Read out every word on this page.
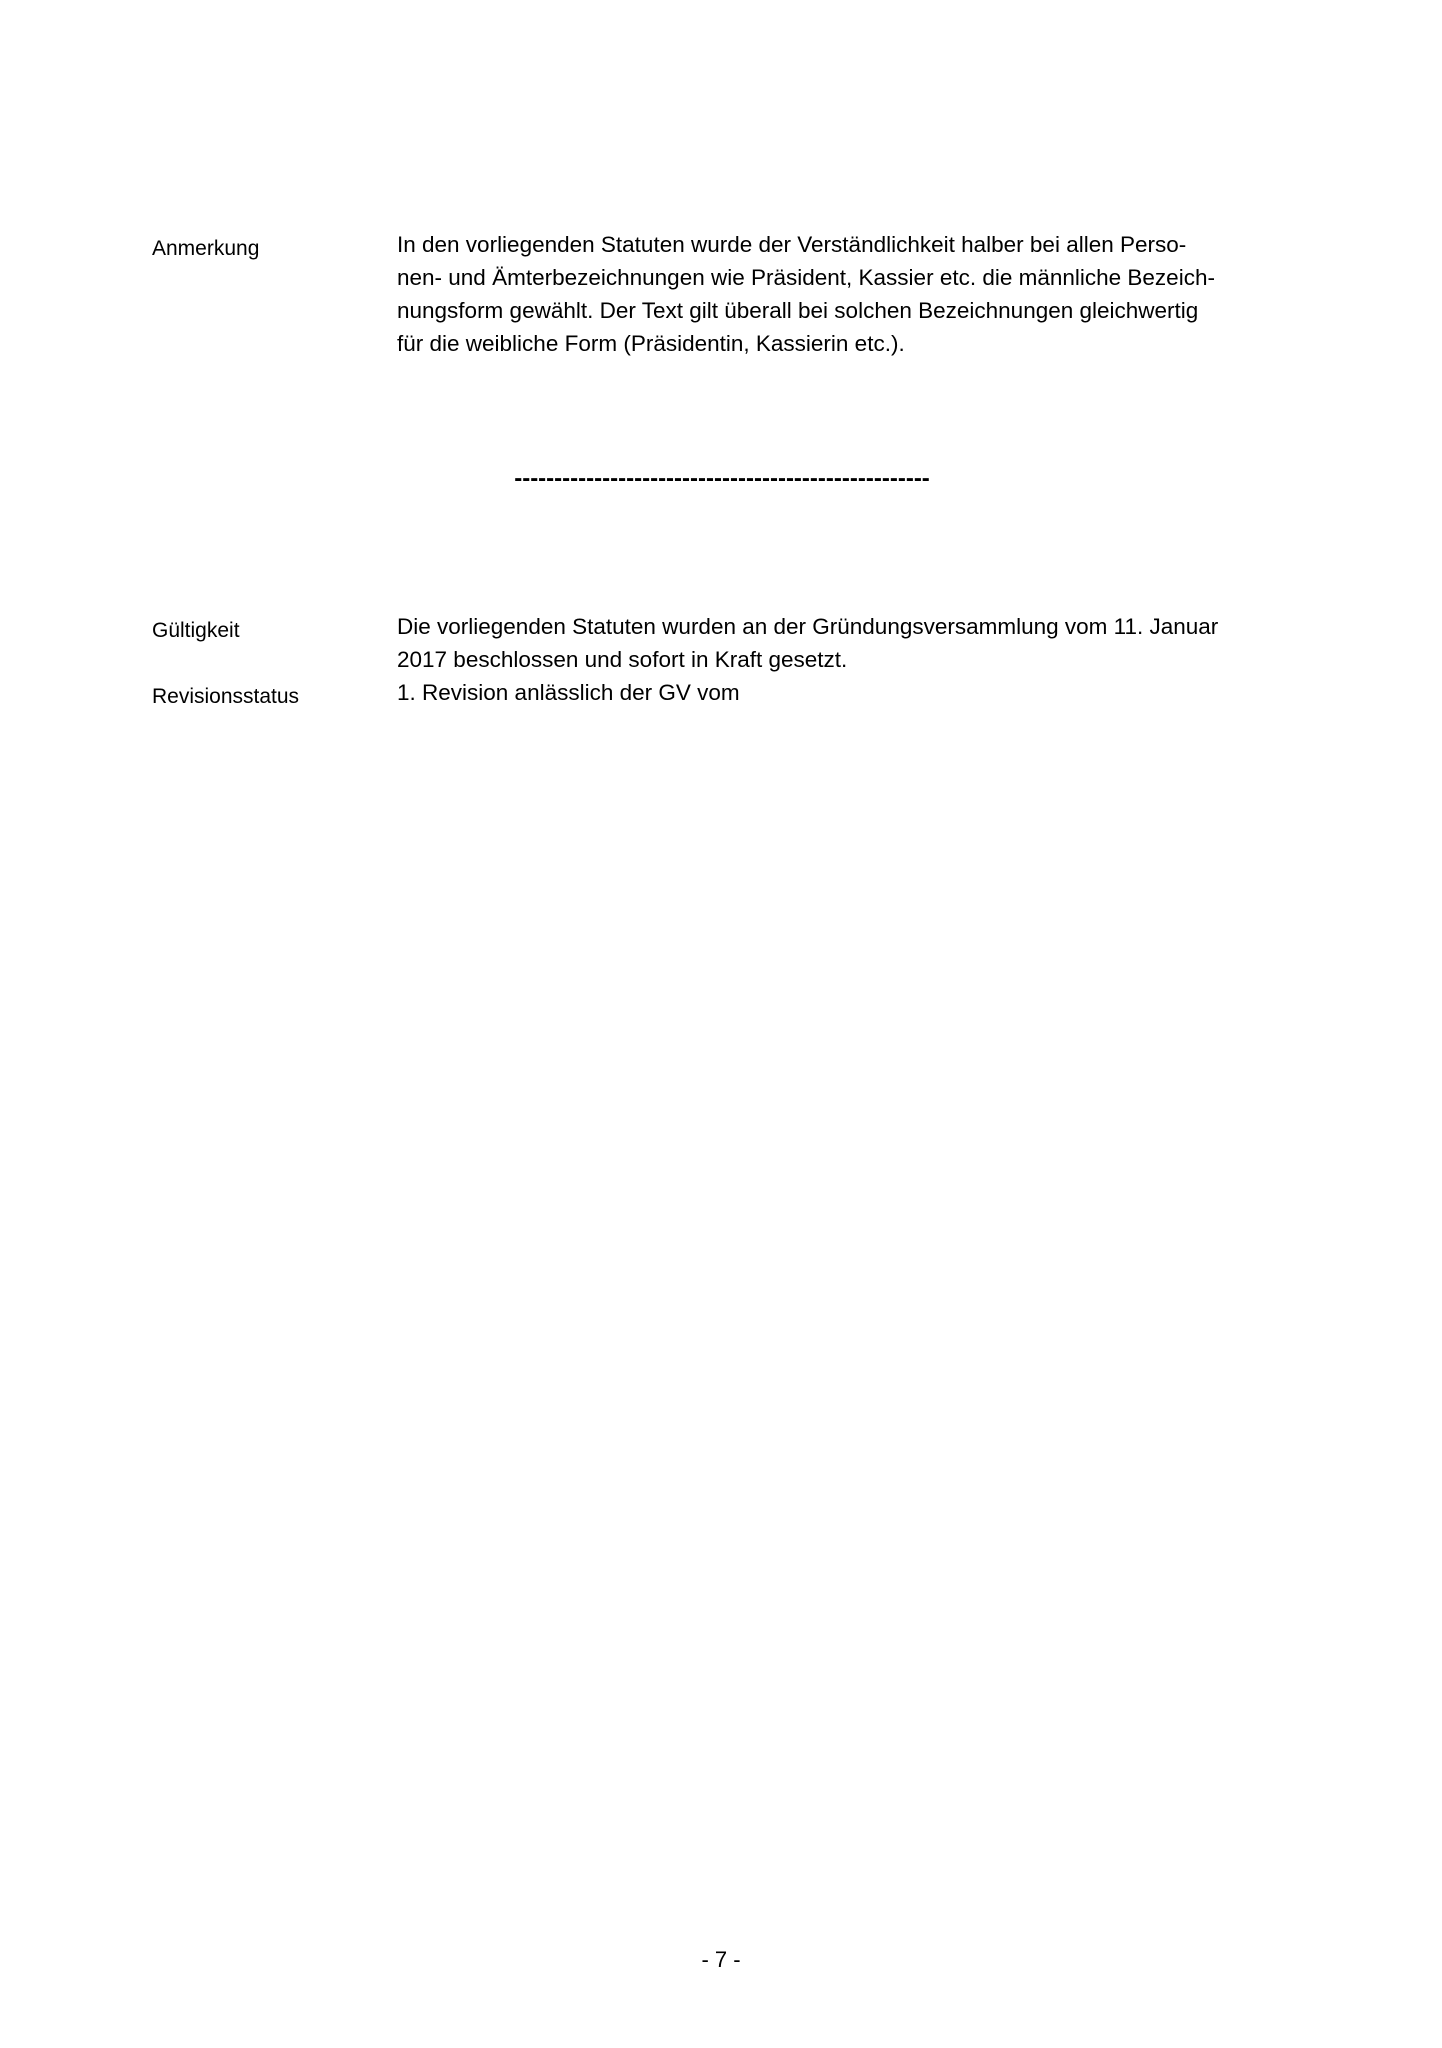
Anmerkung	In den vorliegenden Statuten wurde der Verständlichkeit halber bei allen Perso-
nen- und Ämterbezeichnungen wie Präsident, Kassier etc. die männliche Bezeich-
nungsform gewählt. Der Text gilt überall bei solchen Bezeichnungen gleichwertig
für die weibliche Form (Präsidentin, Kassierin etc.).
----------------------------------------------------
Gültigkeit	Die vorliegenden Statuten wurden an der Gründungsversammlung vom 11. Januar
2017 beschlossen und sofort in Kraft gesetzt.
Revisionsstatus	1. Revision anlässlich der GV vom
- 7 -
